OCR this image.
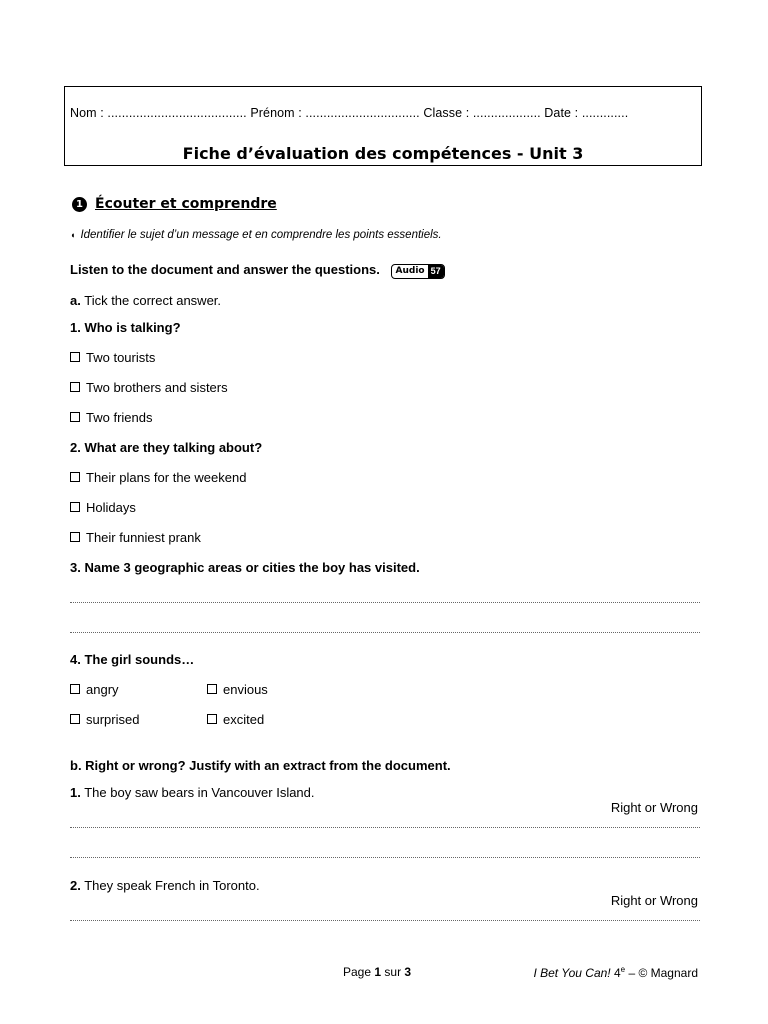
Nom : ....................................... Prénom : ................................ Classe : ................... Date : .............
Fiche d’évaluation des compétences - Unit 3
1 Écouter et comprendre
◖ Identifier le sujet d’un message et en comprendre les points essentiels.
Listen to the document and answer the questions.	Audio 57
a. Tick the correct answer.
1. Who is talking?
Two tourists
Two brothers and sisters
Two friends
2. What are they talking about?
Their plans for the weekend
Holidays
Their funniest prank
3. Name 3 geographic areas or cities the boy has visited.
4. The girl sounds…
angry	envious
surprised	excited
b. Right or wrong? Justify with an extract from the document.
1. The boy saw bears in Vancouver Island.
Right or Wrong
2. They speak French in Toronto.
Right or Wrong
Page 1 sur 3	I Bet You Can! 4e – © Magnard
